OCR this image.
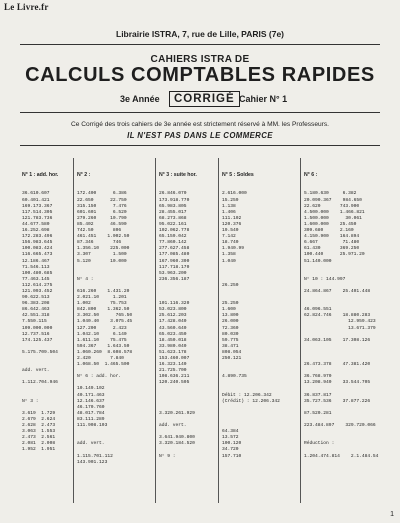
Le Livre.fr
Librairie ISTRA, 7, rue de Lille, PARIS (7e)
CAHIERS ISTRA DE
CALCULS COMPTABLES RAPIDES
3e Année	CORRIGÉ Cahier N° 1
Ce Corrigé des trois cahiers de 3e année est strictement réservé à MM. les Professeurs.
IL N'EST PAS DANS LE COMMERCE

N° 1 : add. hor.

36.610.607
60.401.421
169.173.367
117.514.305
121.783.736
44.677.580
16.252.698
172.283.496
156.983.645
100.083.424
116.665.473
12.186.467
71.546.113
100.480.685
77.463.145
112.614.275
121.093.452
90.622.513
96.383.208
86.642.463
42.551.318
7.550.115
109.000.000
12.737.516
174.125.437

5.175.709.504

add. vert.

1.112.704.946

N° 3 :

3.619  1.729
2.679  2.624
2.628  2.473
3.063  1.553
2.473  2.561
2.081  2.008
1.952  1.951

N° 2 :

172.400      6.386
22.650      22.750
315.150      7.476
601.601      6.520
279.260     10.790
85.402      46.590
742.50       806
461.451    1.002.50
87.346       746
1.356.10    225.000
3.307        1.500
5.120       10.000

N° 4 :

616.260    1.431.20
2.021.10     1.201
1.002       75.753
842.800    1.362.50
3.302.50      765.50
1.040.40    3.075.45
127.200      2.423
1.042.10     6.140
1.611.10    75.475
594.367    1.643.50
1.060.260  8.608.578
2.420       7.840
1.068.50  1.465.500

N° 6 : add. hor.

10.149.102
40.171.463
12.146.637
46.170.760
48.017.784
83.111.289
111.908.103

add. vert.

1.115.701.112
143.901.123

N° 3 : suite hor.

26.846.070
173.918.770
65.983.805
28.455.017
68.273.868
95.022.161
102.062.778
65.159.042
77.860.142
277.627.458
177.085.480
167.960.300
117.718.170
53.963.200
236.356.187

101.116.320
53.023.800
25.612.203
17.428.040
43.560.640
65.023.450
18.450.018
33.980.040
51.623.178
153.460.007
16.323.140
21.725.700
108.636.211
120.240.505

3.320.261.929

add. vert.

3.641.940.800
3.320.184.520

N° 9 :

N° 5 : Soldes

2.616.000
15.259
1.138
1.406
111.102
120.376
19.540
7.142
18.740
1.940.99
1.358
1.040

26.250

25.250
1.600
13.800
26.000
72.360
80.030
59.775
38.471
808.054
250.121

4.890.735

Débit : 12.206.342
(Crédit) : 12.206.342

64.384
13.572
100.120
34.720
157.710

N° 6 :

5.180.630     6.382
20.090.367    984.650
22.620       743.900
4.500.000    1.466.821
1.500.000      30.061
1.600.000    25.450
309.680      2.160
4.150.900    164.894
6.667         71.480
61.430       369.250
100.440      25.971.20
51.140.000

N° 10 : 144.997

24.864.867    25.401.448

46.096.551
62.824.746    18.880.283
12.959.423
13.671.379

34.063.105    17.308.126

26.473.378    47.381.420

36.768.970
13.208.940    33.544.705

36.837.817
35.727.536    37.877.226

87.520.281

223.484.897    329.720.066

Réduction :

1.204.474.814    2.1.484.54

1
